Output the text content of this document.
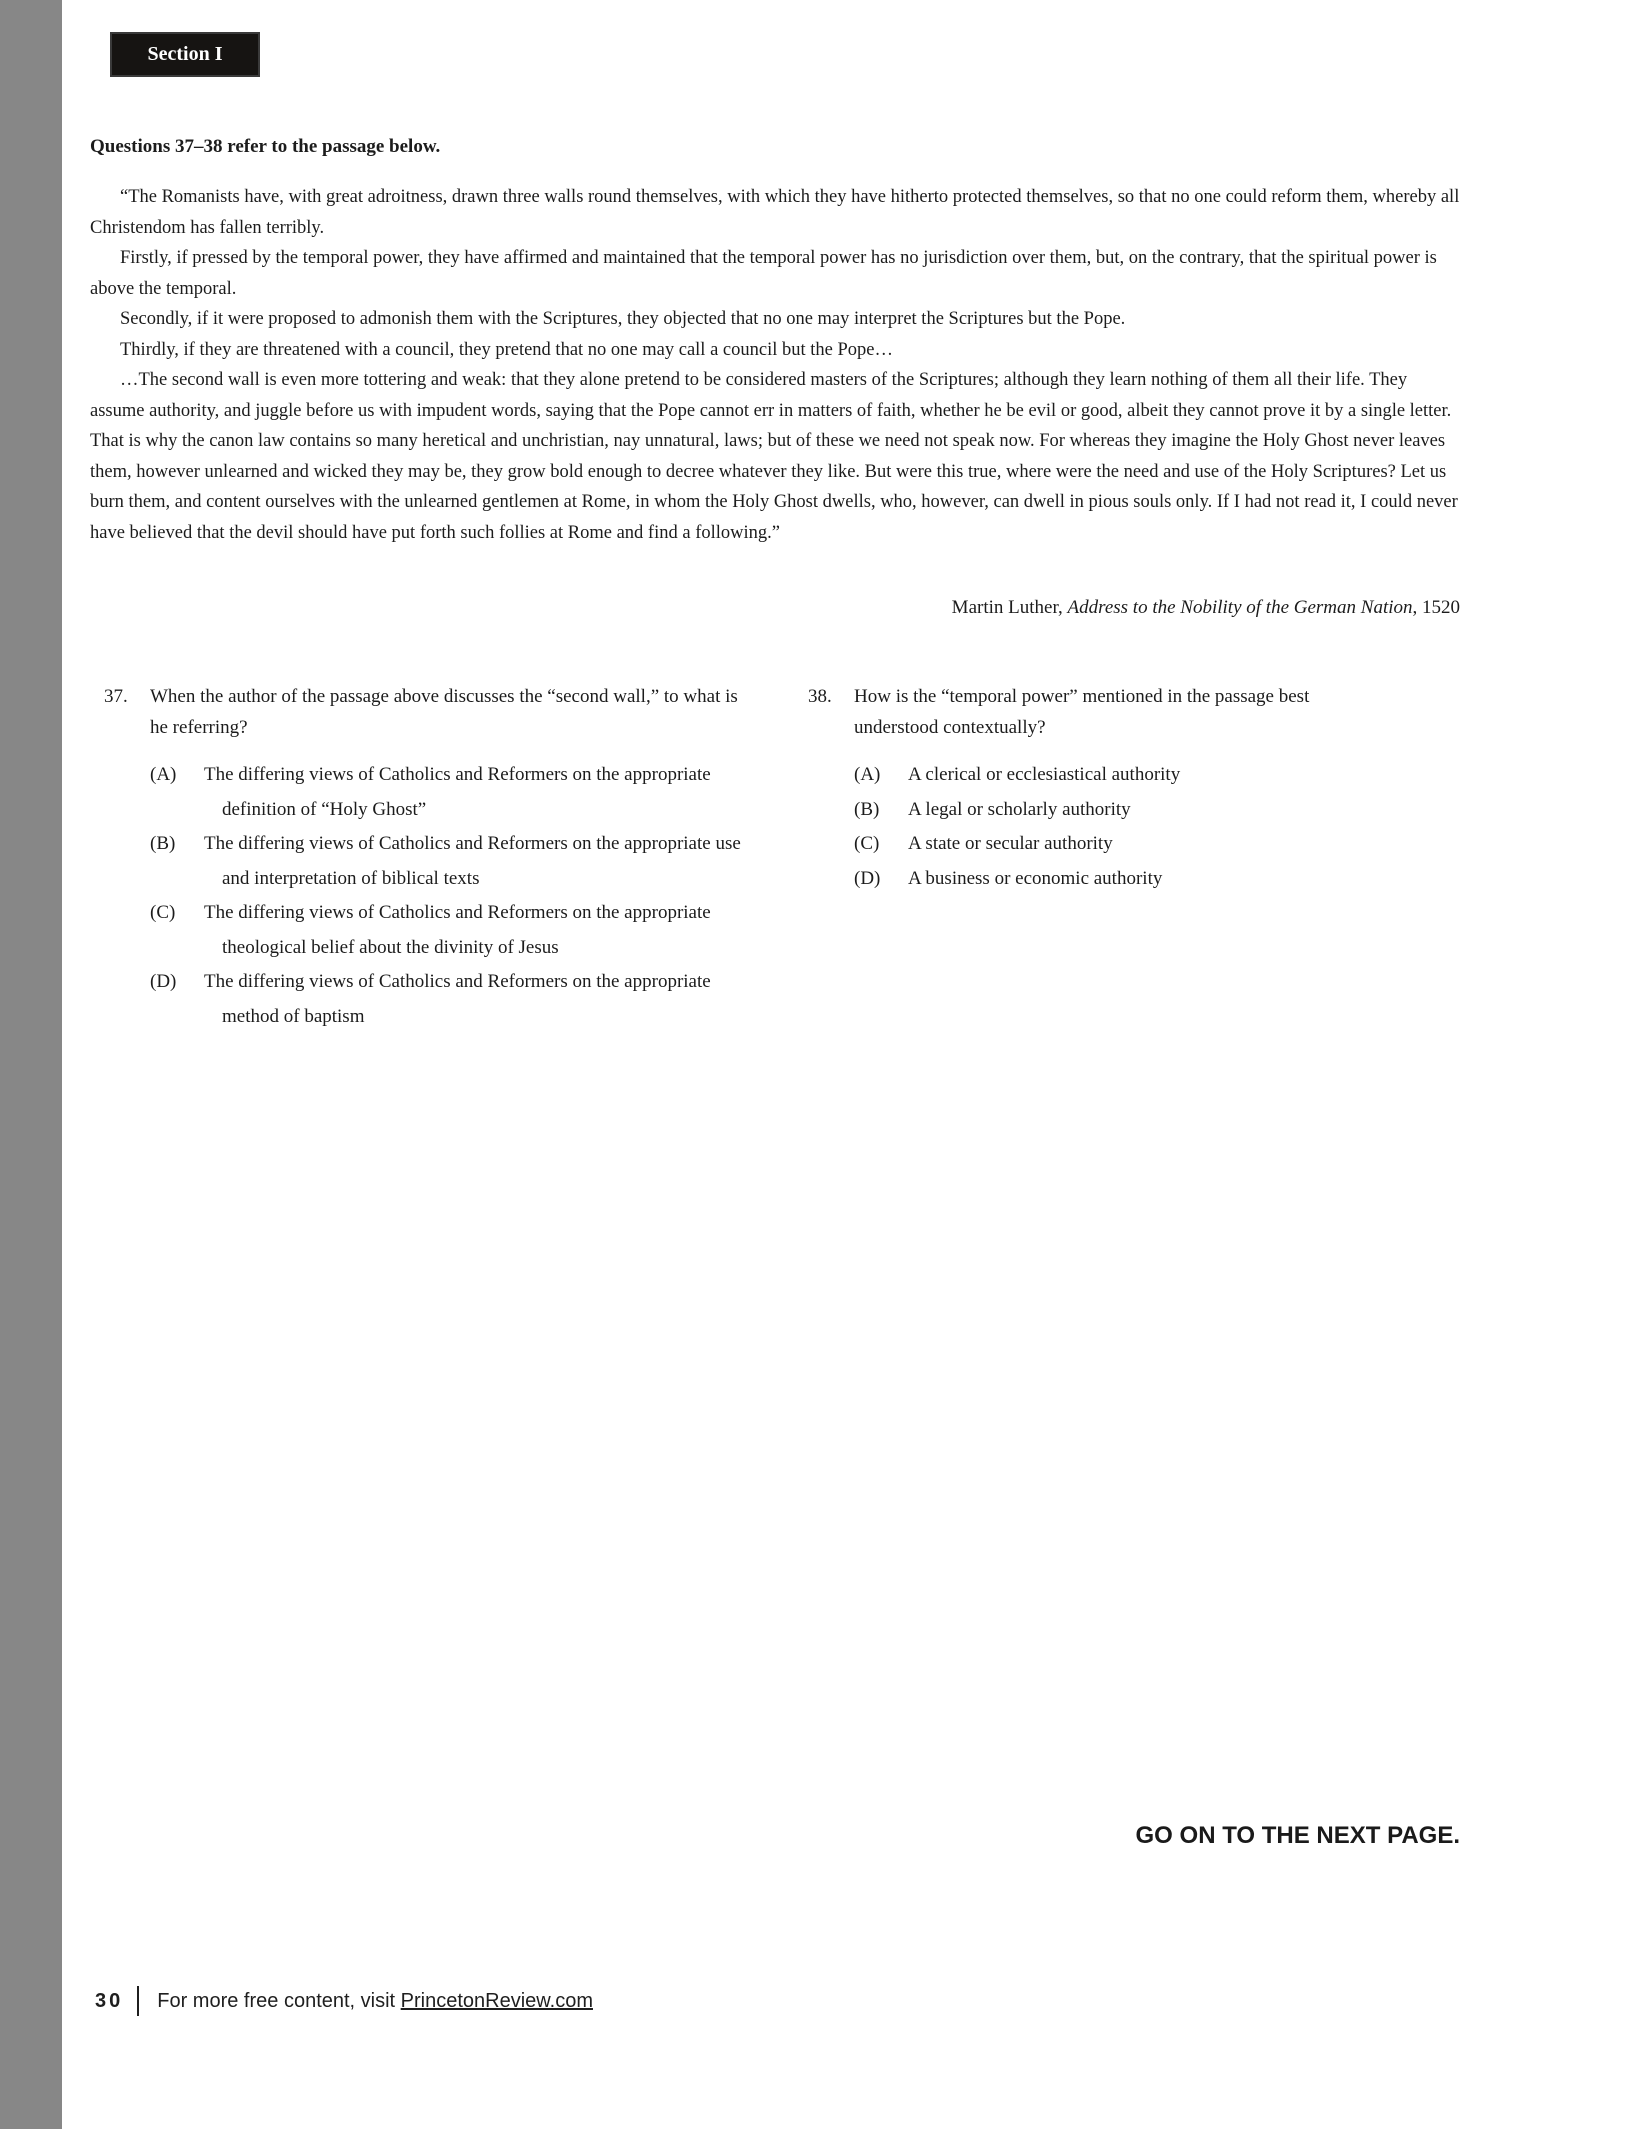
Section I

Questions 37–38 refer to the passage below.

“The Romanists have, with great adroitness, drawn three walls round themselves, with which they have hitherto protected themselves, so that no one could reform them, whereby all Christendom has fallen terribly.

Firstly, if pressed by the temporal power, they have affirmed and maintained that the temporal power has no jurisdiction over them, but, on the contrary, that the spiritual power is above the temporal.

Secondly, if it were proposed to admonish them with the Scriptures, they objected that no one may interpret the Scriptures but the Pope.

Thirdly, if they are threatened with a council, they pretend that no one may call a council but the Pope…

…The second wall is even more tottering and weak: that they alone pretend to be considered masters of the Scriptures; although they learn nothing of them all their life. They assume authority, and juggle before us with impudent words, saying that the Pope cannot err in matters of faith, whether he be evil or good, albeit they cannot prove it by a single letter. That is why the canon law contains so many heretical and unchristian, nay unnatural, laws; but of these we need not speak now. For whereas they imagine the Holy Ghost never leaves them, however unlearned and wicked they may be, they grow bold enough to decree whatever they like. But were this true, where were the need and use of the Holy Scriptures? Let us burn them, and content ourselves with the unlearned gentlemen at Rome, in whom the Holy Ghost dwells, who, however, can dwell in pious souls only. If I had not read it, I could never have believed that the devil should have put forth such follies at Rome and find a following.”

Martin Luther, Address to the Nobility of the German Nation, 1520
37. When the author of the passage above discusses the “second wall,” to what is he referring?

(A) The differing views of Catholics and Reformers on the appropriate definition of “Holy Ghost”

(B) The differing views of Catholics and Reformers on the appropriate use and interpretation of biblical texts

(C) The differing views of Catholics and Reformers on the appropriate theological belief about the divinity of Jesus

(D) The differing views of Catholics and Reformers on the appropriate method of baptism

38. How is the “temporal power” mentioned in the passage best understood contextually?

(A) A clerical or ecclesiastical authority

(B) A legal or scholarly authority

(C) A state or secular authority

(D) A business or economic authority

GO ON TO THE NEXT PAGE.
30 For more free content, visit PrincetonReview.com
